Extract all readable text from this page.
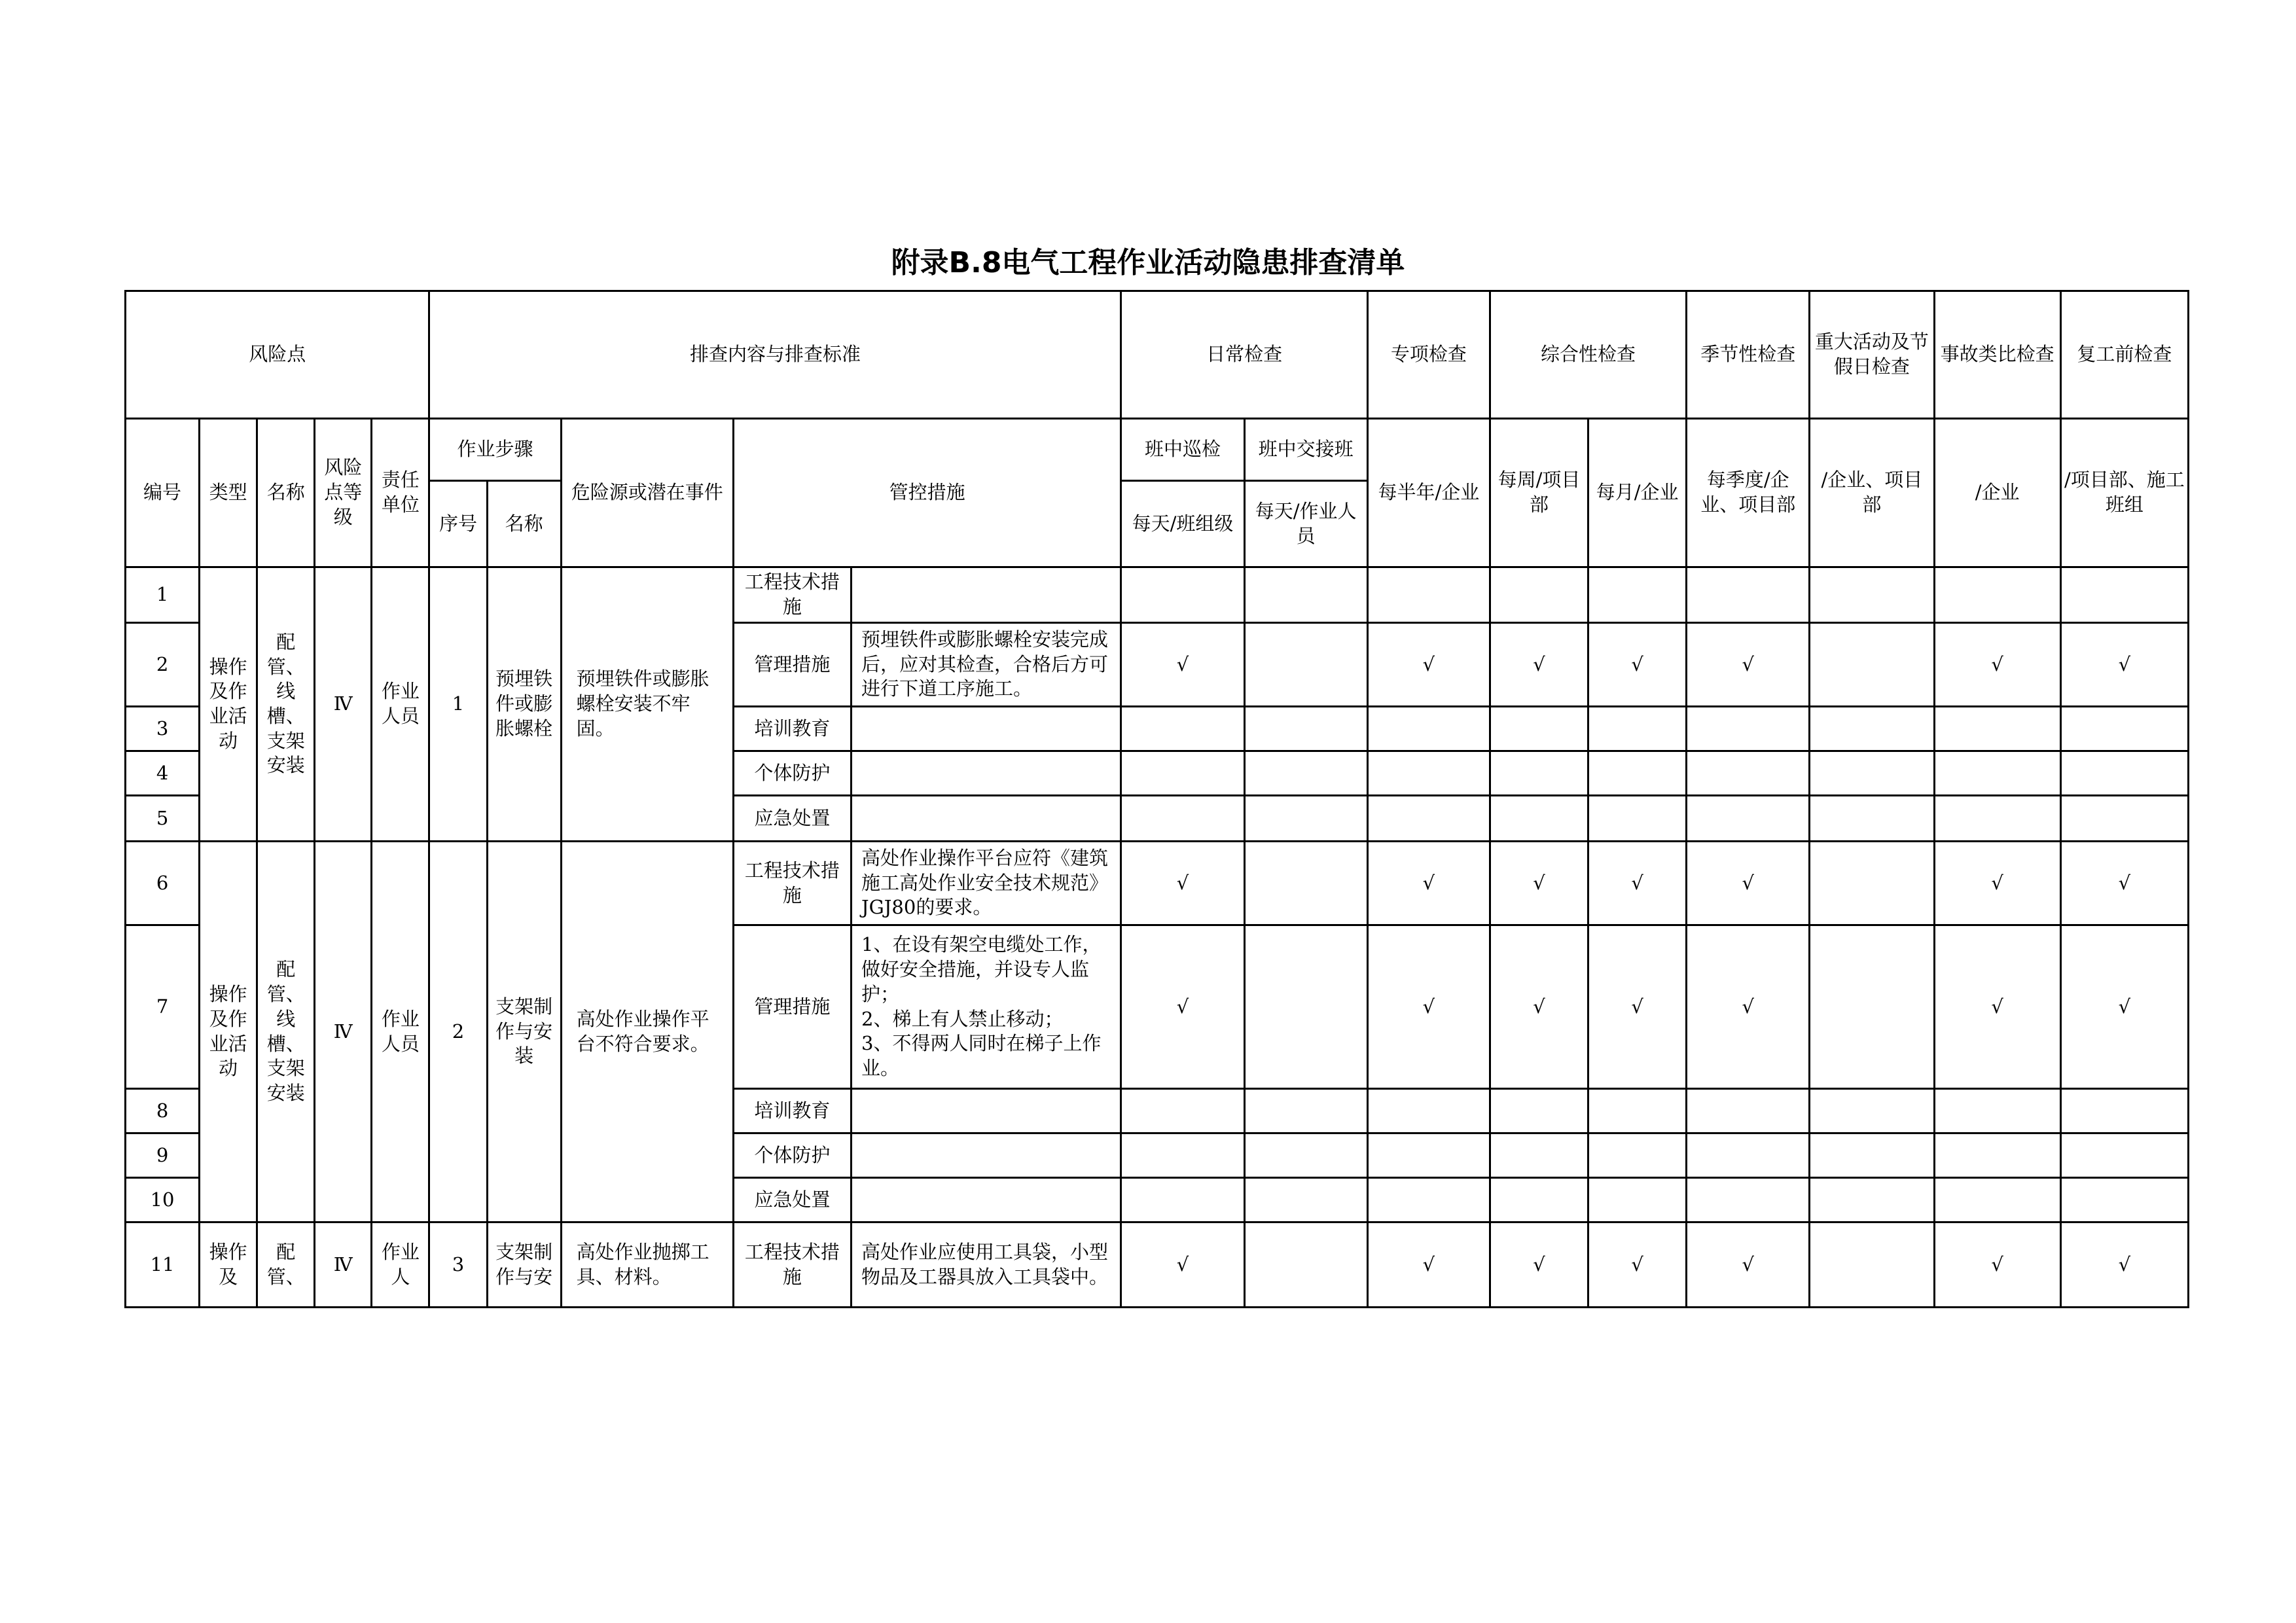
附录B.8电气工程作业活动隐患排查清单
风险点					排查内容与排查标准					日常检查		专项检查	综合性检查		季节性检查	重大活动及节假日检查	事故类比检查	复工前检查
编号	类型	名称	风险点等级	责任单位	作业步骤		危险源或潜在事件	管控措施		班中巡检	班中交接班	每半年/企业	每周/项目部	每月/企业	每季度/企业、项目部	/企业、项目部	/企业	/项目部、施工班组
					序号	名称				每天/班组级	每天/作业人员							
1	操作及作业活动	配管、线槽、支架安装	Ⅳ	作业人员	1	预埋铁件或膨胀螺栓	预埋铁件或膨胀螺栓安装不牢固。	工程技术措施										
2								管理措施	预埋铁件或膨胀螺栓安装完成后，应对其检查，合格后方可进行下道工序施工。	√		√	√	√	√		√	√
3								培训教育										
4								个体防护										
5								应急处置										
6	操作及作业活动	配管、线槽、支架安装	Ⅳ	作业人员	2	支架制作与安装	高处作业操作平台不符合要求。	工程技术措施	高处作业操作平台应符《建筑施工高处作业安全技术规范》JGJ80的要求。	√		√	√	√	√		√	√
7								管理措施	1、在设有架空电缆处工作，做好安全措施，并设专人监护；
2、梯上有人禁止移动；
3、不得两人同时在梯子上作业。	√		√	√	√	√		√	√
8								培训教育										
9								个体防护										
10								应急处置										
11	操作及	配管、	Ⅳ	作业人	3	支架制作与安	高处作业抛掷工具、材料。	工程技术措施	高处作业应使用工具袋，小型物品及工器具放入工具袋中。	√		√	√	√	√		√	√
